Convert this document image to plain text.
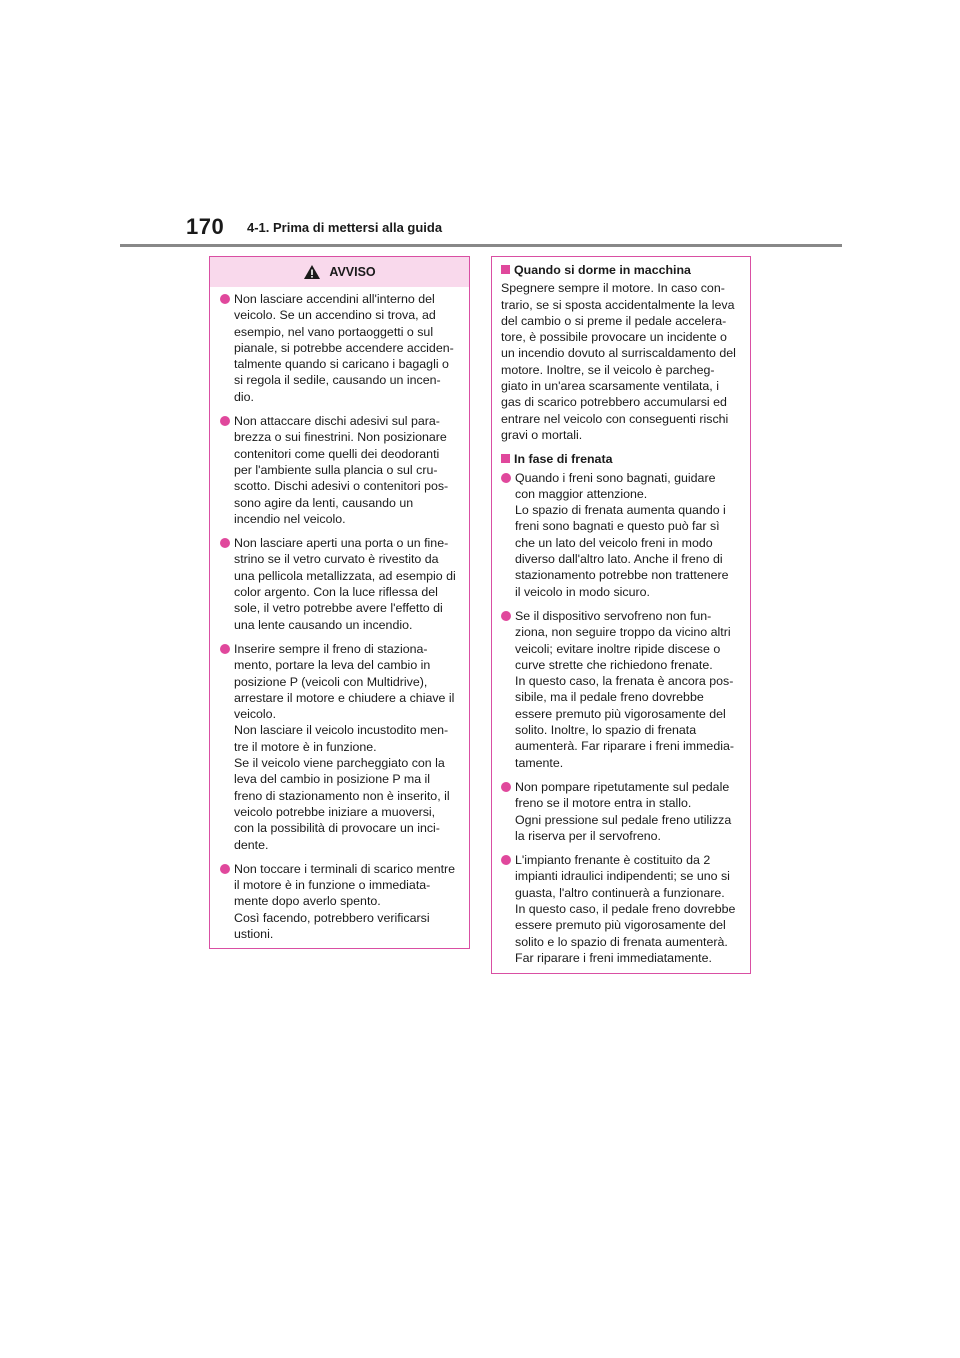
170 4-1. Prima di mettersi alla guida
AVVISO
Non lasciare accendini all'interno del
veicolo. Se un accendino si trova, ad
esempio, nel vano portaoggetti o sul
pianale, si potrebbe accendere acciden-
talmente quando si caricano i bagagli o
si regola il sedile, causando un incen-
dio.
Non attaccare dischi adesivi sul para-
brezza o sui finestrini. Non posizionare
contenitori come quelli dei deodoranti
per l'ambiente sulla plancia o sul cru-
scotto. Dischi adesivi o contenitori pos-
sono agire da lenti, causando un
incendio nel veicolo.
Non lasciare aperti una porta o un fine-
strino se il vetro curvato è rivestito da
una pellicola metallizzata, ad esempio di
color argento. Con la luce riflessa del
sole, il vetro potrebbe avere l'effetto di
una lente causando un incendio.
Inserire sempre il freno di staziona-
mento, portare la leva del cambio in
posizione P (veicoli con Multidrive),
arrestare il motore e chiudere a chiave il
veicolo.
Non lasciare il veicolo incustodito men-
tre il motore è in funzione.
Se il veicolo viene parcheggiato con la
leva del cambio in posizione P ma il
freno di stazionamento non è inserito, il
veicolo potrebbe iniziare a muoversi,
con la possibilità di provocare un inci-
dente.
Non toccare i terminali di scarico mentre
il motore è in funzione o immediata-
mente dopo averlo spento.
Così facendo, potrebbero verificarsi
ustioni.
Quando si dorme in macchina
Spegnere sempre il motore. In caso con-
trario, se si sposta accidentalmente la leva
del cambio o si preme il pedale accelera-
tore, è possibile provocare un incidente o
un incendio dovuto al surriscaldamento del
motore. Inoltre, se il veicolo è parcheg-
giato in un'area scarsamente ventilata, i
gas di scarico potrebbero accumularsi ed
entrare nel veicolo con conseguenti rischi
gravi o mortali.
In fase di frenata
Quando i freni sono bagnati, guidare
con maggior attenzione.
Lo spazio di frenata aumenta quando i
freni sono bagnati e questo può far sì
che un lato del veicolo freni in modo
diverso dall'altro lato. Anche il freno di
stazionamento potrebbe non trattenere
il veicolo in modo sicuro.
Se il dispositivo servofreno non fun-
ziona, non seguire troppo da vicino altri
veicoli; evitare inoltre ripide discese o
curve strette che richiedono frenate.
In questo caso, la frenata è ancora pos-
sibile, ma il pedale freno dovrebbe
essere premuto più vigorosamente del
solito. Inoltre, lo spazio di frenata
aumenterà. Far riparare i freni immedia-
tamente.
Non pompare ripetutamente sul pedale
freno se il motore entra in stallo.
Ogni pressione sul pedale freno utilizza
la riserva per il servofreno.
L'impianto frenante è costituito da 2
impianti idraulici indipendenti; se uno si
guasta, l'altro continuerà a funzionare.
In questo caso, il pedale freno dovrebbe
essere premuto più vigorosamente del
solito e lo spazio di frenata aumenterà.
Far riparare i freni immediatamente.
